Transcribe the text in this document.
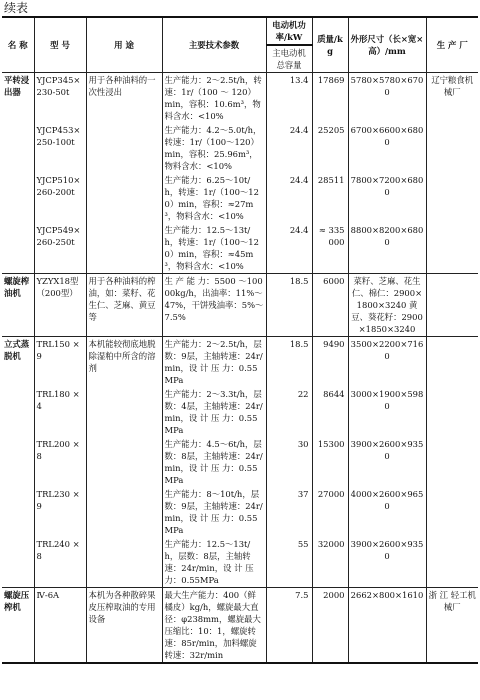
续表
名 称	型 号	用 途	主要技术参数	电动机功率/kW	质量/kg	外形尺寸（长×宽×高）/mm	生 产 厂
				主电动机总容量			
平转浸出器	YJCP345×230-50t	用于各种油料的一次性浸出	生产能力：2～2.5t/h，转速：1r/（100 ～ 120）min，容积：10.6m³，物料含水：<10%	13.4	17869	5780×5780×6700	辽宁粮食机械厂
	YJCP453×250-100t		生产能力：4.2～5.0t/h，转速：1r/（100～120）min，容积：25.96m³，物料含水：<10%	24.4	25205	6700×6600×6800	
	YJCP510×260-200t		生产能力：6.25～10t/h，转速：1r/（100～120）min，容积：≈27m³，物料含水：<10%	24.4	28511	7800×7200×6800	
	YJCP549×260-250t		生产能力：12.5～13t/h，转速：1r/（100～120）min，容积：≈45m³，物料含水：<10%	24.4	≈ 335000	8800×8200×6800	
螺旋榨油机	YZYX18型（200型）	用于各种油料的榨油，如：菜籽、花生仁、芝麻、黄豆等	生 产 能 力：5500 ～10000kg/h，出油率：11%～47%，干饼残油率：5%～7.5%	18.5	6000	菜籽、芝麻、花生仁、棉仁：2900×1800×3240 黄豆、葵花籽：2900×1850×3240	
立式蒸脱机	TRL150 ×9	本机能较彻底地脱除湿粕中所含的溶剂	生产能力：2～2.5t/h，层数：9层，主轴转速：24r/min，设 计 压 力：0.55MPa	18.5	9490	3500×2200×7160	
	TRL180 ×4		生产能力：2～3.3t/h，层数：4层，主轴转速：24r/min，设 计 压 力：0.55MPa	22	8644	3000×1900×5980	
	TRL200 ×8		生产能力：4.5～6t/h，层数：8层，主轴转速：24r/min，设 计 压 力：0.55MPa	30	15300	3900×2600×9350	
	TRL230 ×9		生产能力：8～10t/h，层数：9层，主轴转速：24r/min，设 计 压 力：0.55MPa	37	27000	4000×2600×9650	
	TRL240 ×8		生产能力：12.5～13t/h，层数：8层，主轴转速：24r/min，设 计 压 力：0.55MPa	55	32000	3900×2600×9350	
螺旋压榨机	Ⅳ-6A	本机为各种散碎果皮压榨取油的专用设备	最大生产能力：400（鲜橘皮）kg/h，螺旋最大直径：φ238mm，螺旋最大压缩比：10：1，螺旋转速：85r/min，加料螺旋转速：32r/min	7.5	2000	2662×800×1610	浙 江 轻工机械厂
